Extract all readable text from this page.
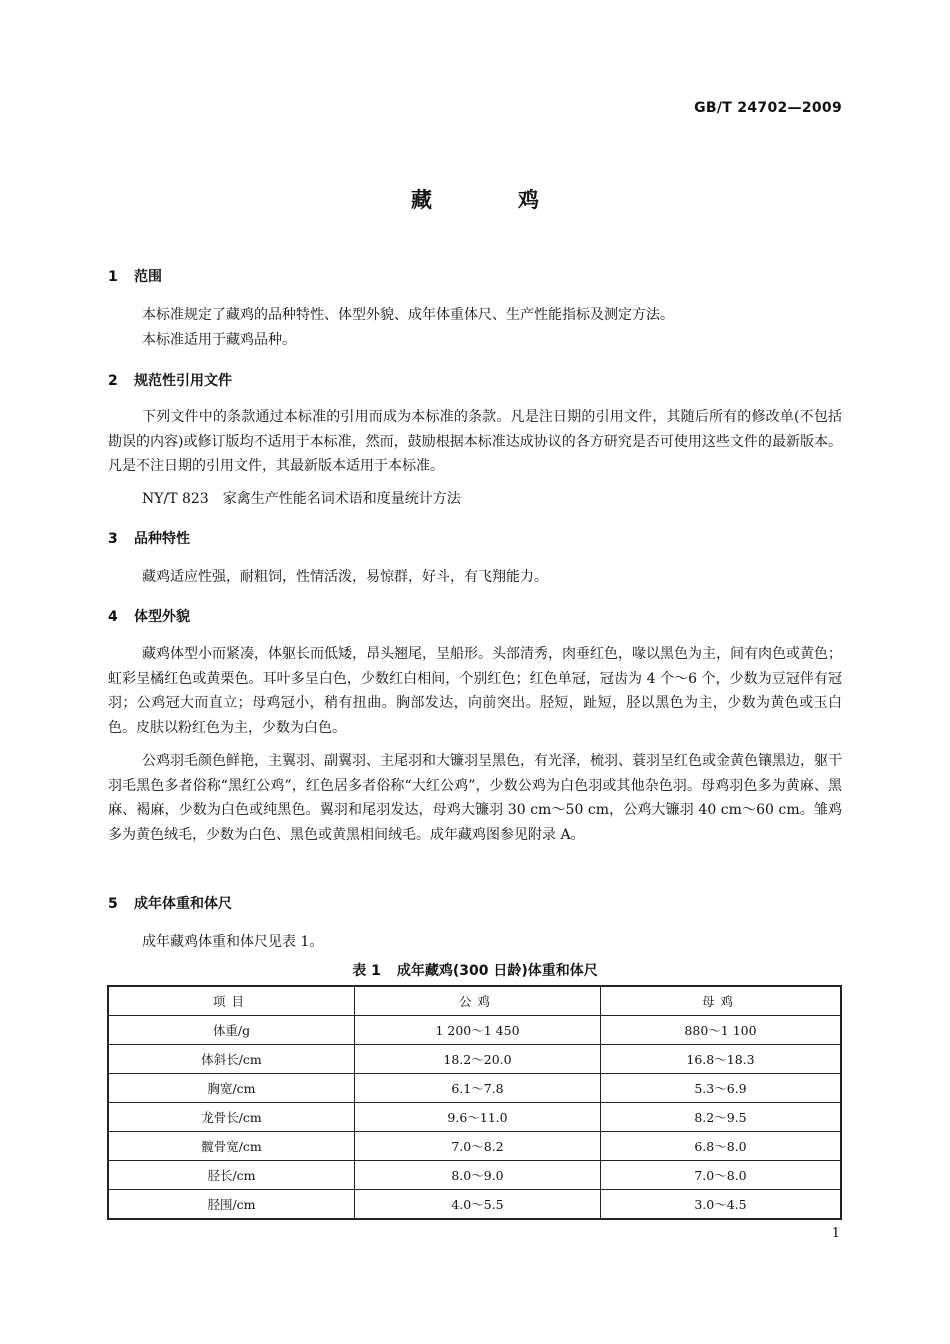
GB/T 24702—2009
藏	鸡
1 范围
本标准规定了藏鸡的品种特性、体型外貌、成年体重体尺、生产性能指标及测定方法。
本标准适用于藏鸡品种。
2 规范性引用文件
下列文件中的条款通过本标准的引用而成为本标准的条款。凡是注日期的引用文件，其随后所有的修改单(不包括勘误的内容)或修订版均不适用于本标准，然而，鼓励根据本标准达成协议的各方研究是否可使用这些文件的最新版本。凡是不注日期的引用文件，其最新版本适用于本标准。
NY/T 823 家禽生产性能名词术语和度量统计方法
3 品种特性
藏鸡适应性强，耐粗饲，性情活泼，易惊群，好斗，有飞翔能力。
4 体型外貌
藏鸡体型小而紧凑，体躯长而低矮，昂头翘尾，呈船形。头部清秀，肉垂红色，喙以黑色为主，间有肉色或黄色；虹彩呈橘红色或黄栗色。耳叶多呈白色，少数红白相间，个别红色；红色单冠，冠齿为 4 个～6 个，少数为豆冠伴有冠羽；公鸡冠大而直立；母鸡冠小，稍有扭曲。胸部发达，向前突出。胫短，趾短，胫以黑色为主，少数为黄色或玉白色。皮肤以粉红色为主，少数为白色。
公鸡羽毛颜色鲜艳，主翼羽、副翼羽、主尾羽和大镰羽呈黑色，有光泽，梳羽、蓑羽呈红色或金黄色镶黑边，躯干羽毛黑色多者俗称“黑红公鸡”，红色居多者俗称“大红公鸡”，少数公鸡为白色羽或其他杂色羽。母鸡羽色多为黄麻、黑麻、褐麻，少数为白色或纯黑色。翼羽和尾羽发达，母鸡大镰羽 30 cm～50 cm，公鸡大镰羽 40 cm～60 cm。雏鸡多为黄色绒毛，少数为白色、黑色或黄黑相间绒毛。成年藏鸡图参见附录 A。
5 成年体重和体尺
成年藏鸡体重和体尺见表 1。
表 1 成年藏鸡(300 日龄)体重和体尺
项目	公鸡	母鸡
体重/g	1 200～1 450	880～1 100
体斜长/cm	18.2～20.0	16.8～18.3
胸宽/cm	6.1～7.8	5.3～6.9
龙骨长/cm	9.6～11.0	8.2～9.5
髋骨宽/cm	7.0～8.2	6.8～8.0
胫长/cm	8.0～9.0	7.0～8.0
胫围/cm	4.0～5.5	3.0～4.5
1
